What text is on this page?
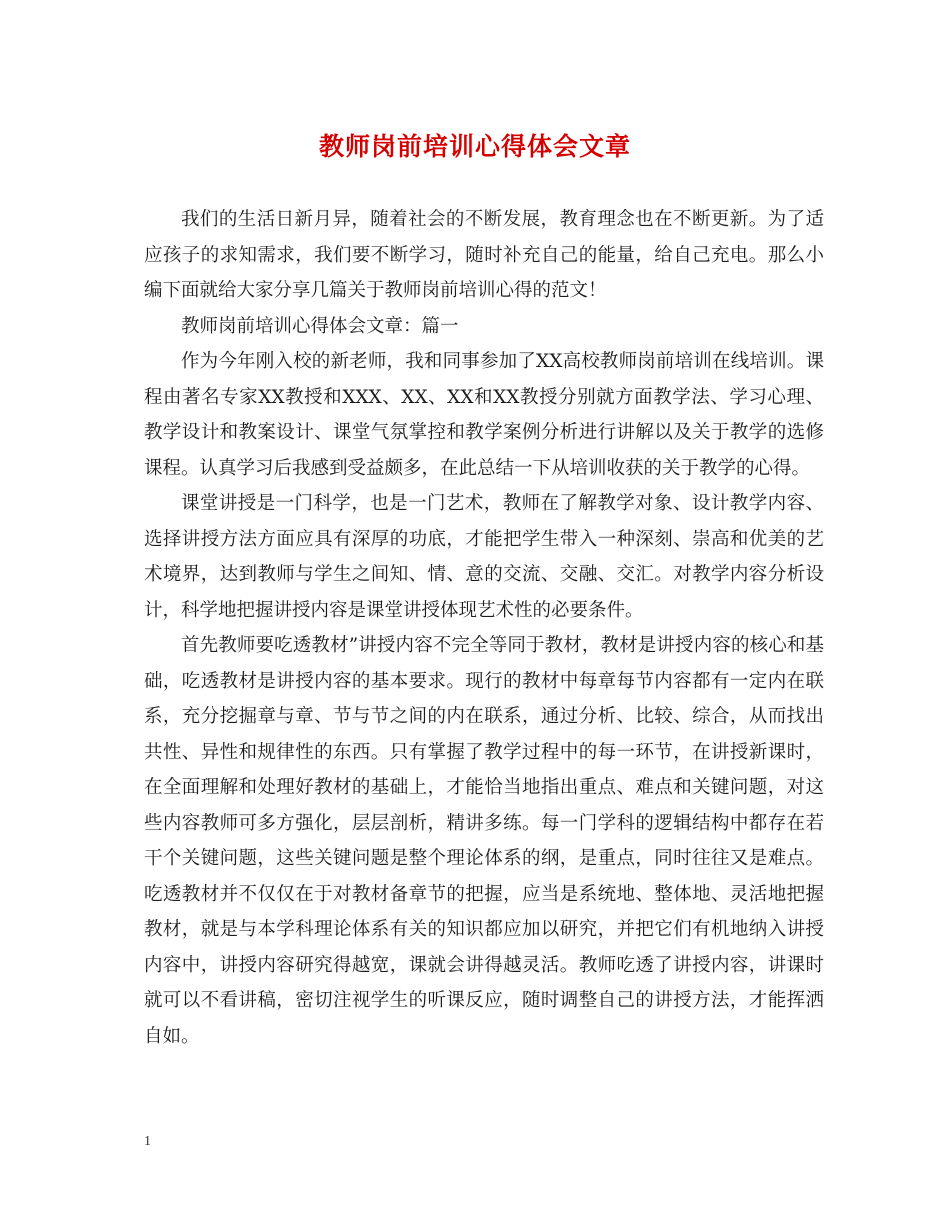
教师岗前培训心得体会文章

我们的生活日新月异，随着社会的不断发展，教育理念也在不断更新。为了适应孩子的求知需求，我们要不断学习，随时补充自己的能量，给自己充电。那么小编下面就给大家分享几篇关于教师岗前培训心得的范文！

教师岗前培训心得体会文章：篇一

作为今年刚入校的新老师，我和同事参加了XX高校教师岗前培训在线培训。课程由著名专家XX教授和XXX、XX、XX和XX教授分别就方面教学法、学习心理、教学设计和教案设计、课堂气氛掌控和教学案例分析进行讲解以及关于教学的选修课程。认真学习后我感到受益颇多，在此总结一下从培训收获的关于教学的心得。

课堂讲授是一门科学，也是一门艺术，教师在了解教学对象、设计教学内容、选择讲授方法方面应具有深厚的功底，才能把学生带入一种深刻、崇高和优美的艺术境界，达到教师与学生之间知、情、意的交流、交融、交汇。对教学内容分析设计，科学地把握讲授内容是课堂讲授体现艺术性的必要条件。

首先教师要吃透教材”讲授内容不完全等同于教材，教材是讲授内容的核心和基础，吃透教材是讲授内容的基本要求。现行的教材中每章每节内容都有一定内在联系，充分挖掘章与章、节与节之间的内在联系，通过分析、比较、综合，从而找出共性、异性和规律性的东西。只有掌握了教学过程中的每一环节，在讲授新课时，在全面理解和处理好教材的基础上，才能恰当地指出重点、难点和关键问题，对这些内容教师可多方强化，层层剖析，精讲多练。每一门学科的逻辑结构中都存在若干个关键问题，这些关键问题是整个理论体系的纲，是重点，同时往往又是难点。吃透教材并不仅仅在于对教材备章节的把握，应当是系统地、整体地、灵活地把握教材，就是与本学科理论体系有关的知识都应加以研究，并把它们有机地纳入讲授内容中，讲授内容研究得越宽，课就会讲得越灵活。教师吃透了讲授内容，讲课时就可以不看讲稿，密切注视学生的听课反应，随时调整自己的讲授方法，才能挥洒自如。

1
